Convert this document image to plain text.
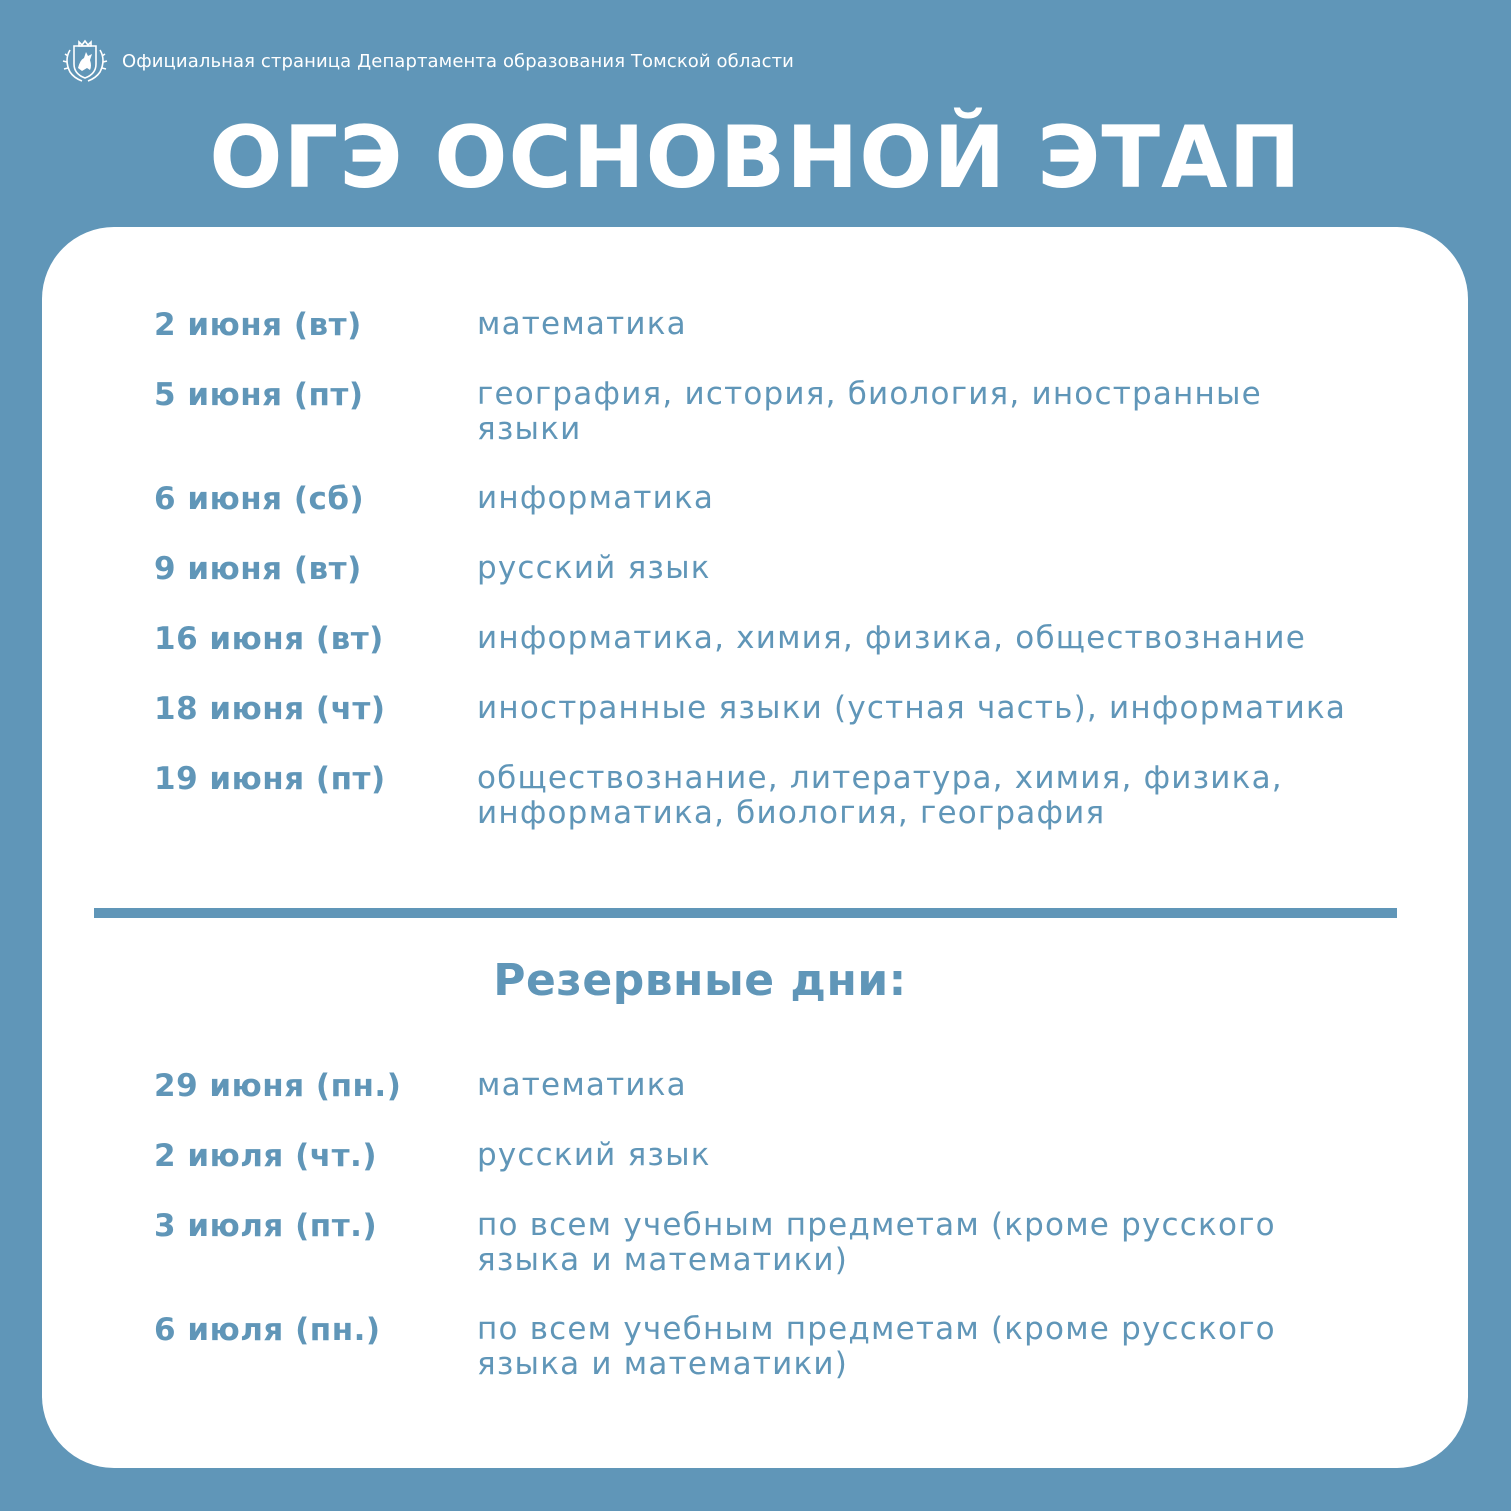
Официальная страница Департамента образования Томской области
ОГЭ ОСНОВНОЙ ЭТАП
2 июня (вт)	математика
5 июня (пт)	география, история, биология, иностранные языки
6 июня (сб)	информатика
9 июня (вт)	русский язык
16 июня (вт)	информатика, химия, физика, обществознание
18 июня (чт)	иностранные языки (устная часть), информатика
19 июня (пт)	обществознание, литература, химия, физика, информатика, биология, география
Резервные дни:
29 июня (пн.)	математика
2 июля (чт.)	русский язык
3 июля (пт.)	по всем учебным предметам (кроме русского языка и математики)
6 июля (пн.)	по всем учебным предметам (кроме русского языка и математики)
